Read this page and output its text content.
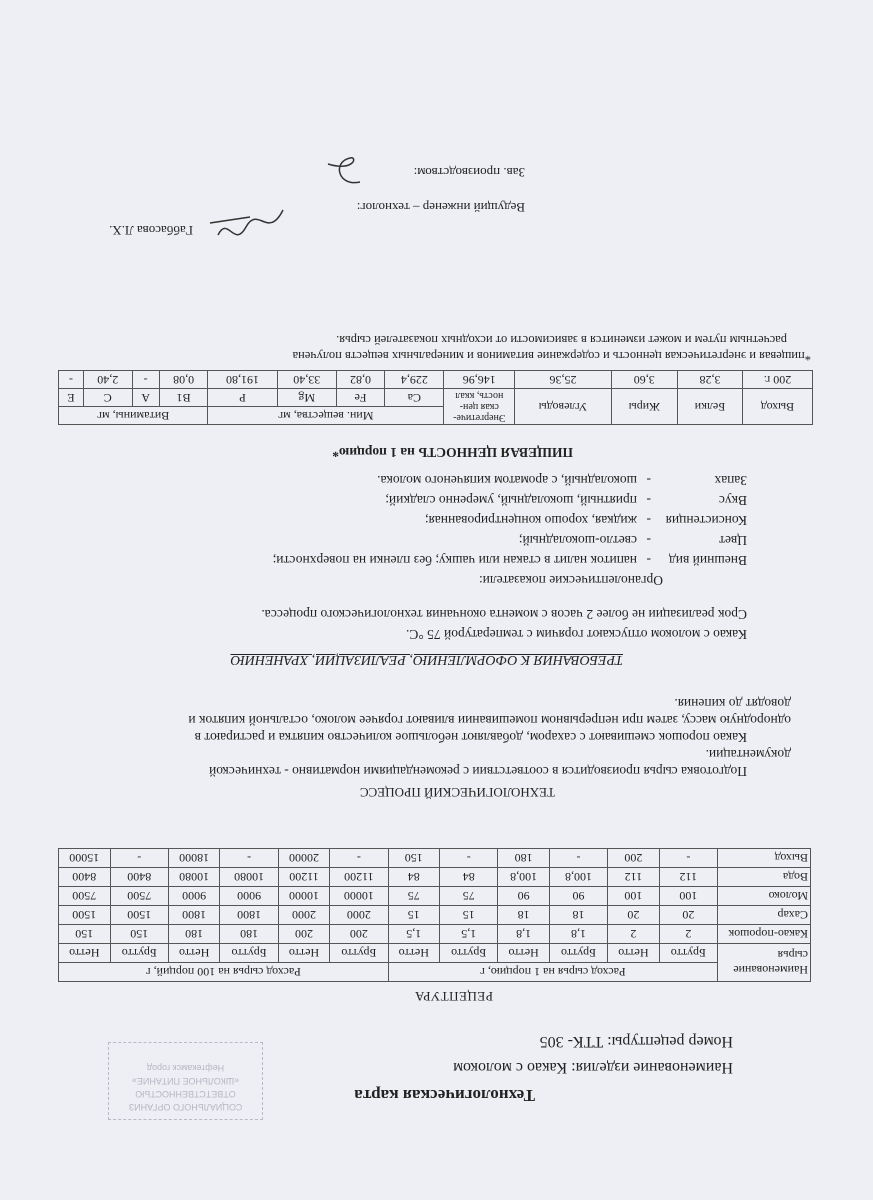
СОЦИАЛЬНОГО ОРГАНИЗ
ОТВЕТСТВЕННОСТЬЮ
«ШКОЛЬНОЕ ПИТАНИЕ»
Нефтекамск город
Технологическая карта
Наименование изделия: Какао с молоком
Номер рецептуры: ТТК- 305
РЕЦЕПТУРА
Наименование сырья	Расход сырья на 1 порцию, г						Расход сырья на 100 порций, г					
	Брутто	Нетто	Брутто	Нетто	Брутто	Нетто	Брутто	Нетто	Брутто	Нетто	Брутто	Нетто
Какао-порошок	2	2	1,8	1,8	1,5	1,5	200	200	180	180	150	150
Сахар	20	20	18	18	15	15	2000	2000	1800	1800	1500	1500
Молоко	100	100	90	90	75	75	10000	10000	9000	9000	7500	7500
Вода	112	112	100,8	100,8	84	84	11200	11200	10080	10080	8400	8400
Выход	-	200	-	180	-	150	-	20000	-	18000	-	15000
ТЕХНОЛОГИЧЕСКИЙ ПРОЦЕСС
Подготовка сырья производится в соответствии с рекомендациями нормативно - технической
документации.
Какао порошок смешивают с сахаром, добавляют небольшое количество кипятка и растирают в
однородную массу, затем при непрерывном помешивании вливают горячее молоко, остальной кипяток и
доводят до кипения.
ТРЕБОВАНИЯ К ОФОРМЛЕНИЮ, РЕАЛИЗАЦИИ, ХРАНЕНИЮ
Какао с молоком отпускают горячим с температурой 75 °С.
Срок реализации не более 2 часов с момента окончания технологического процесса.
Органолептические показатели:
Внешний вид-напиток налит в стакан или чашку; без пленки на поверхности;
Цвет-светло-шоколадный;
Консистенция-жидкая, хорошо концентрированная;
Вкус-приятный, шоколадный, умеренно сладкий;
Запах-шоколадный, с ароматом кипяченого молока.
ПИЩЕВАЯ ЦЕННОСТЬ на 1 порцию*
Выход	Белки	Жиры	Углеводы	Энергетиче-ская цен-ность, ккал	Мин. вещества, мг				Витамины, мг			
					Ca	Fe	Mg	P	B1	A	C	E
200 г.	3,28	3,60	25,36	146,96	229,4	0,82	33,40	191,80	0,08	-	2,40	-
*пищевая и энергетическая ценность и содержание витаминов и минеральных веществ получена
расчетным путем и может изменится в зависимости от исходных показателей сырья.
Ведущий инженер – технолог:
Габбасова Л.Х.
Зав. производством:
